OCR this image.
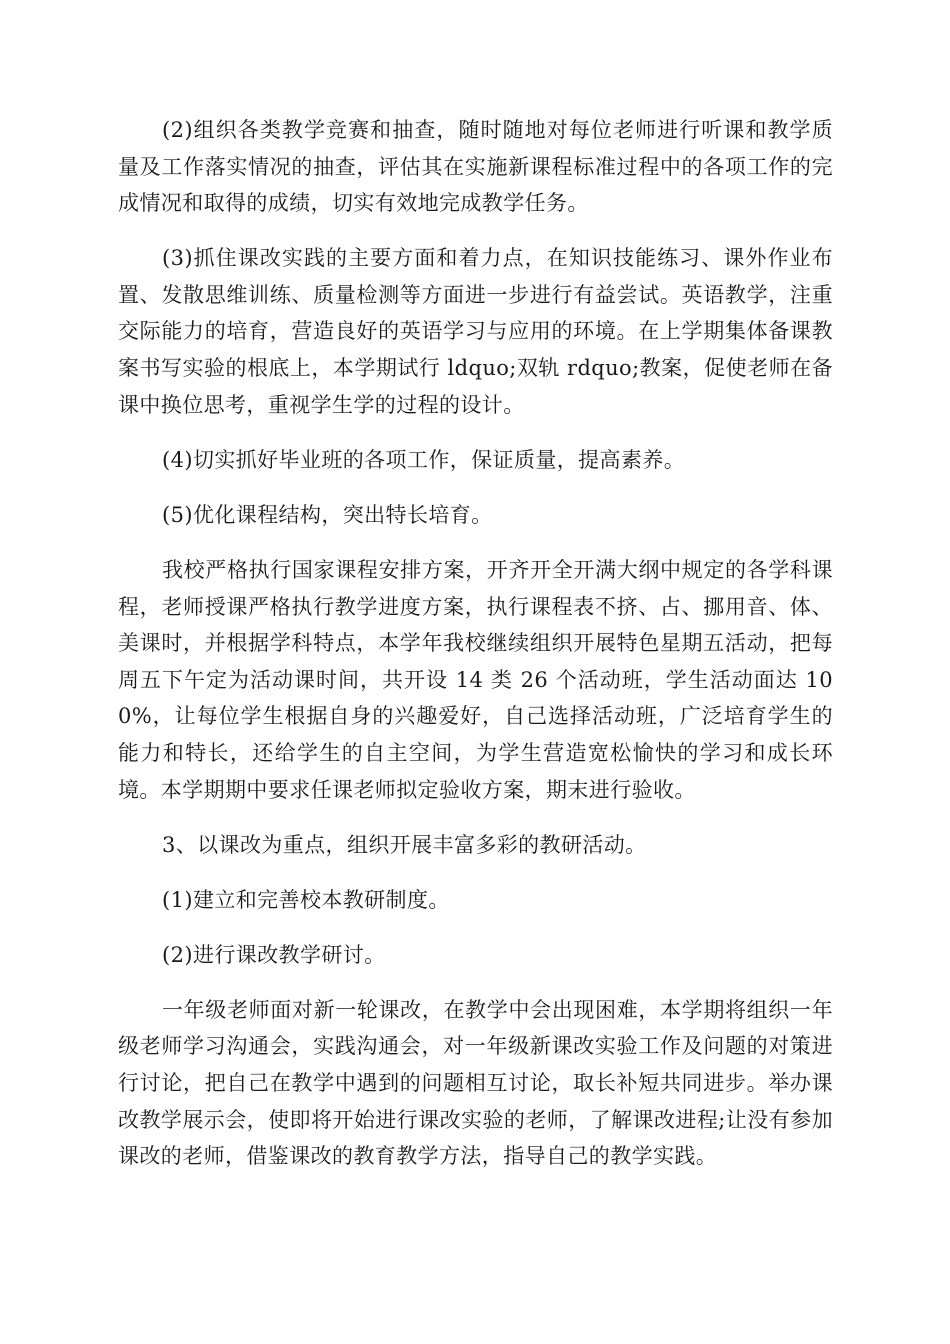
(2)组织各类教学竞赛和抽查，随时随地对每位老师进行听课和教学质量及工作落实情况的抽查，评估其在实施新课程标准过程中的各项工作的完成情况和取得的成绩，切实有效地完成教学任务。

(3)抓住课改实践的主要方面和着力点，在知识技能练习、课外作业布置、发散思维训练、质量检测等方面进一步进行有益尝试。英语教学，注重交际能力的培育，营造良好的英语学习与应用的环境。在上学期集体备课教案书写实验的根底上，本学期试行 ldquo;双轨 rdquo;教案，促使老师在备课中换位思考，重视学生学的过程的设计。

(4)切实抓好毕业班的各项工作，保证质量，提高素养。

(5)优化课程结构，突出特长培育。

我校严格执行国家课程安排方案，开齐开全开满大纲中规定的各学科课程，老师授课严格执行教学进度方案，执行课程表不挤、占、挪用音、体、美课时，并根据学科特点，本学年我校继续组织开展特色星期五活动，把每周五下午定为活动课时间，共开设 14 类 26 个活动班，学生活动面达 100%，让每位学生根据自身的兴趣爱好，自己选择活动班，广泛培育学生的能力和特长，还给学生的自主空间，为学生营造宽松愉快的学习和成长环境。本学期期中要求任课老师拟定验收方案，期末进行验收。

3、以课改为重点，组织开展丰富多彩的教研活动。

(1)建立和完善校本教研制度。

(2)进行课改教学研讨。

一年级老师面对新一轮课改，在教学中会出现困难，本学期将组织一年级老师学习沟通会，实践沟通会，对一年级新课改实验工作及问题的对策进行讨论，把自己在教学中遇到的问题相互讨论，取长补短共同进步。举办课改教学展示会，使即将开始进行课改实验的老师，了解课改进程;让没有参加课改的老师，借鉴课改的教育教学方法，指导自己的教学实践。
